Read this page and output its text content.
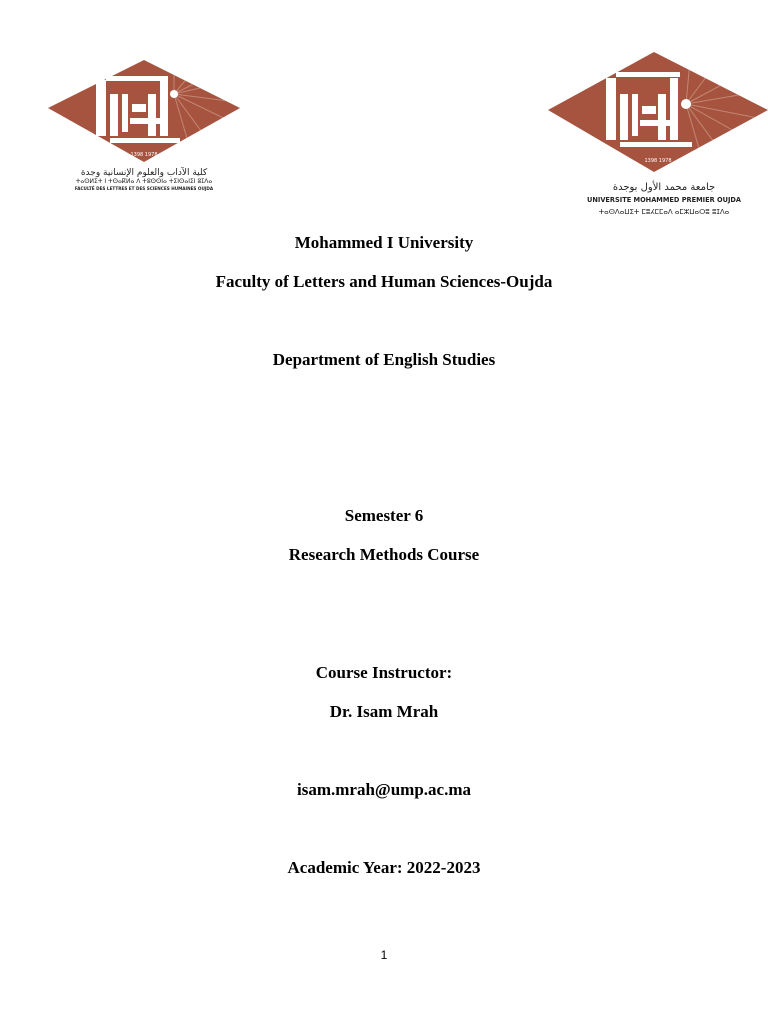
1398 1978
كلية الآداب والعلوم الإنسانية وجدة
ⵜⴰⵙⵍⵉⵜ ⵏ ⵜⵙⴰⴽⵍⴰ ⴷ ⵜⵓⵙⵙⵏⴰ ⵜⵉⵏⵙⴰⵏⵉⵏ ⵓⵊⴷⴰ
FACULTÉ DES LETTRES ET DES SCIENCES HUMAINES OUJDA
1398 1978
جامعة محمد الأول بوجدة
UNIVERSITE MOHAMMED PREMIER OUJDA
ⵜⴰⵙⴷⴰⵡⵉⵜ ⵎⵓⵃⵎⵎⴰⴷ ⴰⵎⵣⵡⴰⵔⵓ ⵓⵊⴷⴰ
Mohammed I University
Faculty of Letters and Human Sciences-Oujda
Department of English Studies
Semester 6
Research Methods Course
Course Instructor:
Dr. Isam Mrah
isam.mrah@ump.ac.ma
Academic Year: 2022-2023
1
